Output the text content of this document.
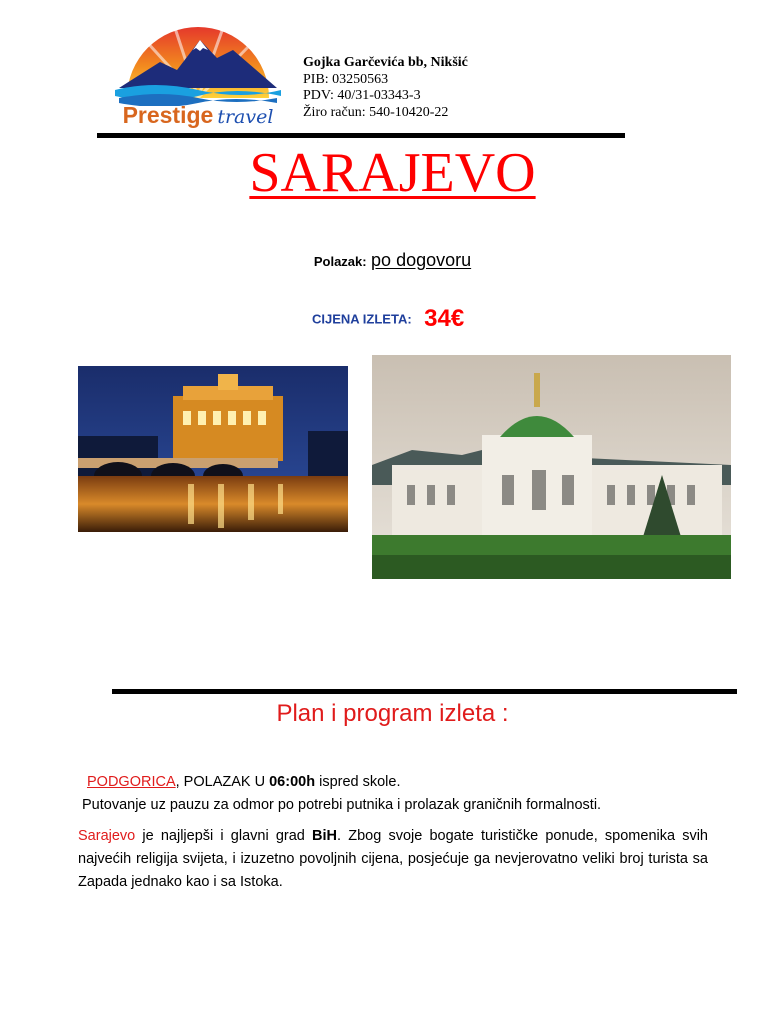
Prestige travel
Gojka Garčevića bb, Nikšić
PIB: 03250563
PDV: 40/31-03343-3
Žiro račun: 540-10420-22
SARAJEVO
Polazak: po dogovoru
CIJENA IZLETA: 34€
Plan i program izleta :
PODGORICA, POLAZAK U 06:00h ispred skole.
Putovanje uz pauzu za odmor po potrebi putnika i prolazak graničnih formalnosti.
Sarajevo je najljepši i glavni grad BiH. Zbog svoje bogate turističke ponude, spomenika svih najvećih religija svijeta, i izuzetno povoljnih cijena, posjećuje ga nevjerovatno veliki broj turista sa Zapada jednako kao i sa Istoka.
